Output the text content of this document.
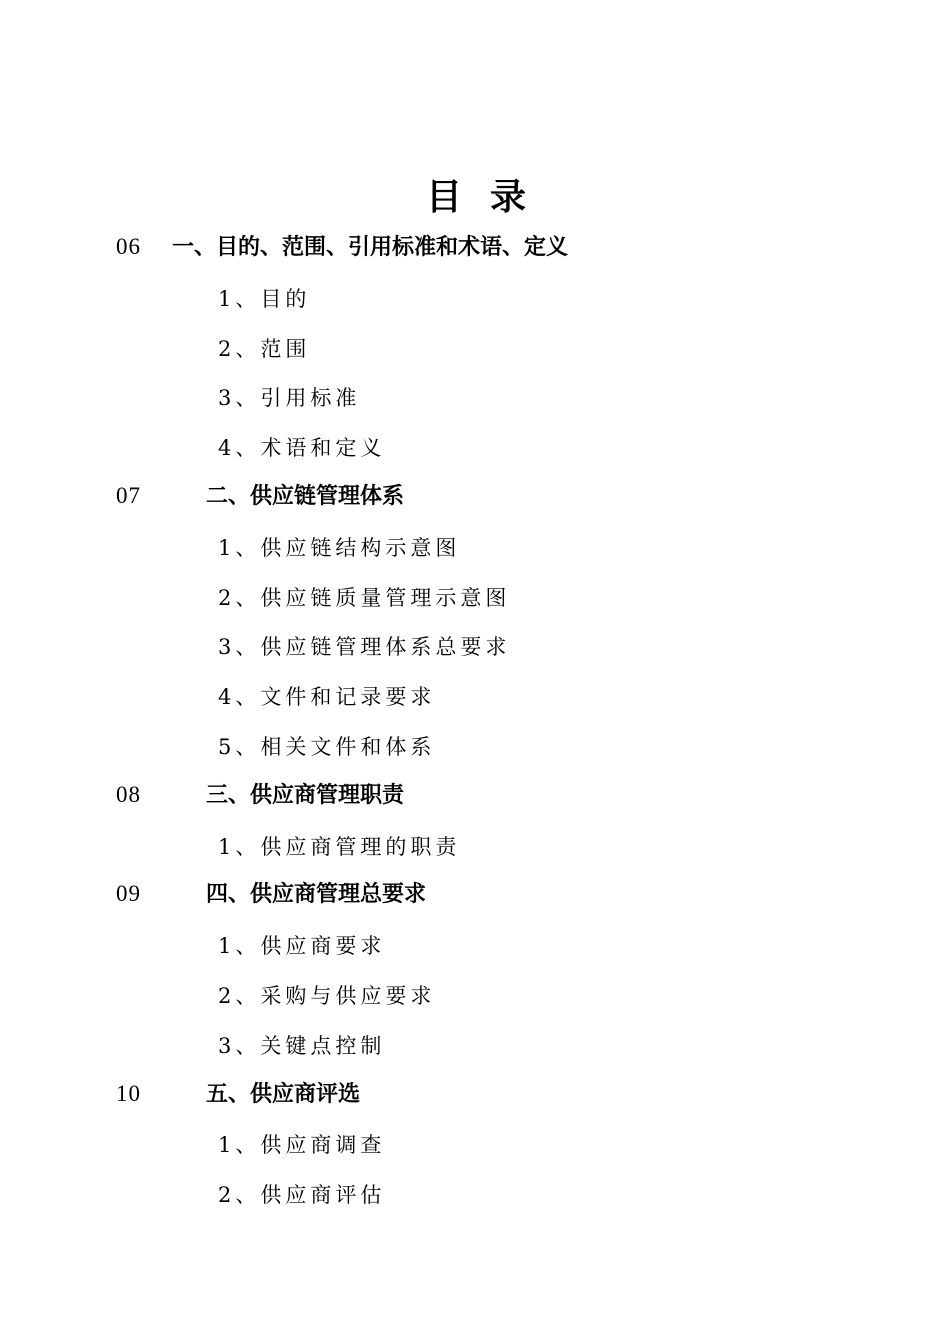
目录
06 一、目的、范围、引用标准和术语、定义
1、目的
2、范围
3、引用标准
4、术语和定义
07	二、供应链管理体系
1、供应链结构示意图
2、供应链质量管理示意图
3、供应链管理体系总要求
4、文件和记录要求
5、相关文件和体系
08	三、供应商管理职责
1、供应商管理的职责
09	四、供应商管理总要求
1、供应商要求
2、采购与供应要求
3、关键点控制
10	五、供应商评选
1、供应商调查
2、供应商评估
